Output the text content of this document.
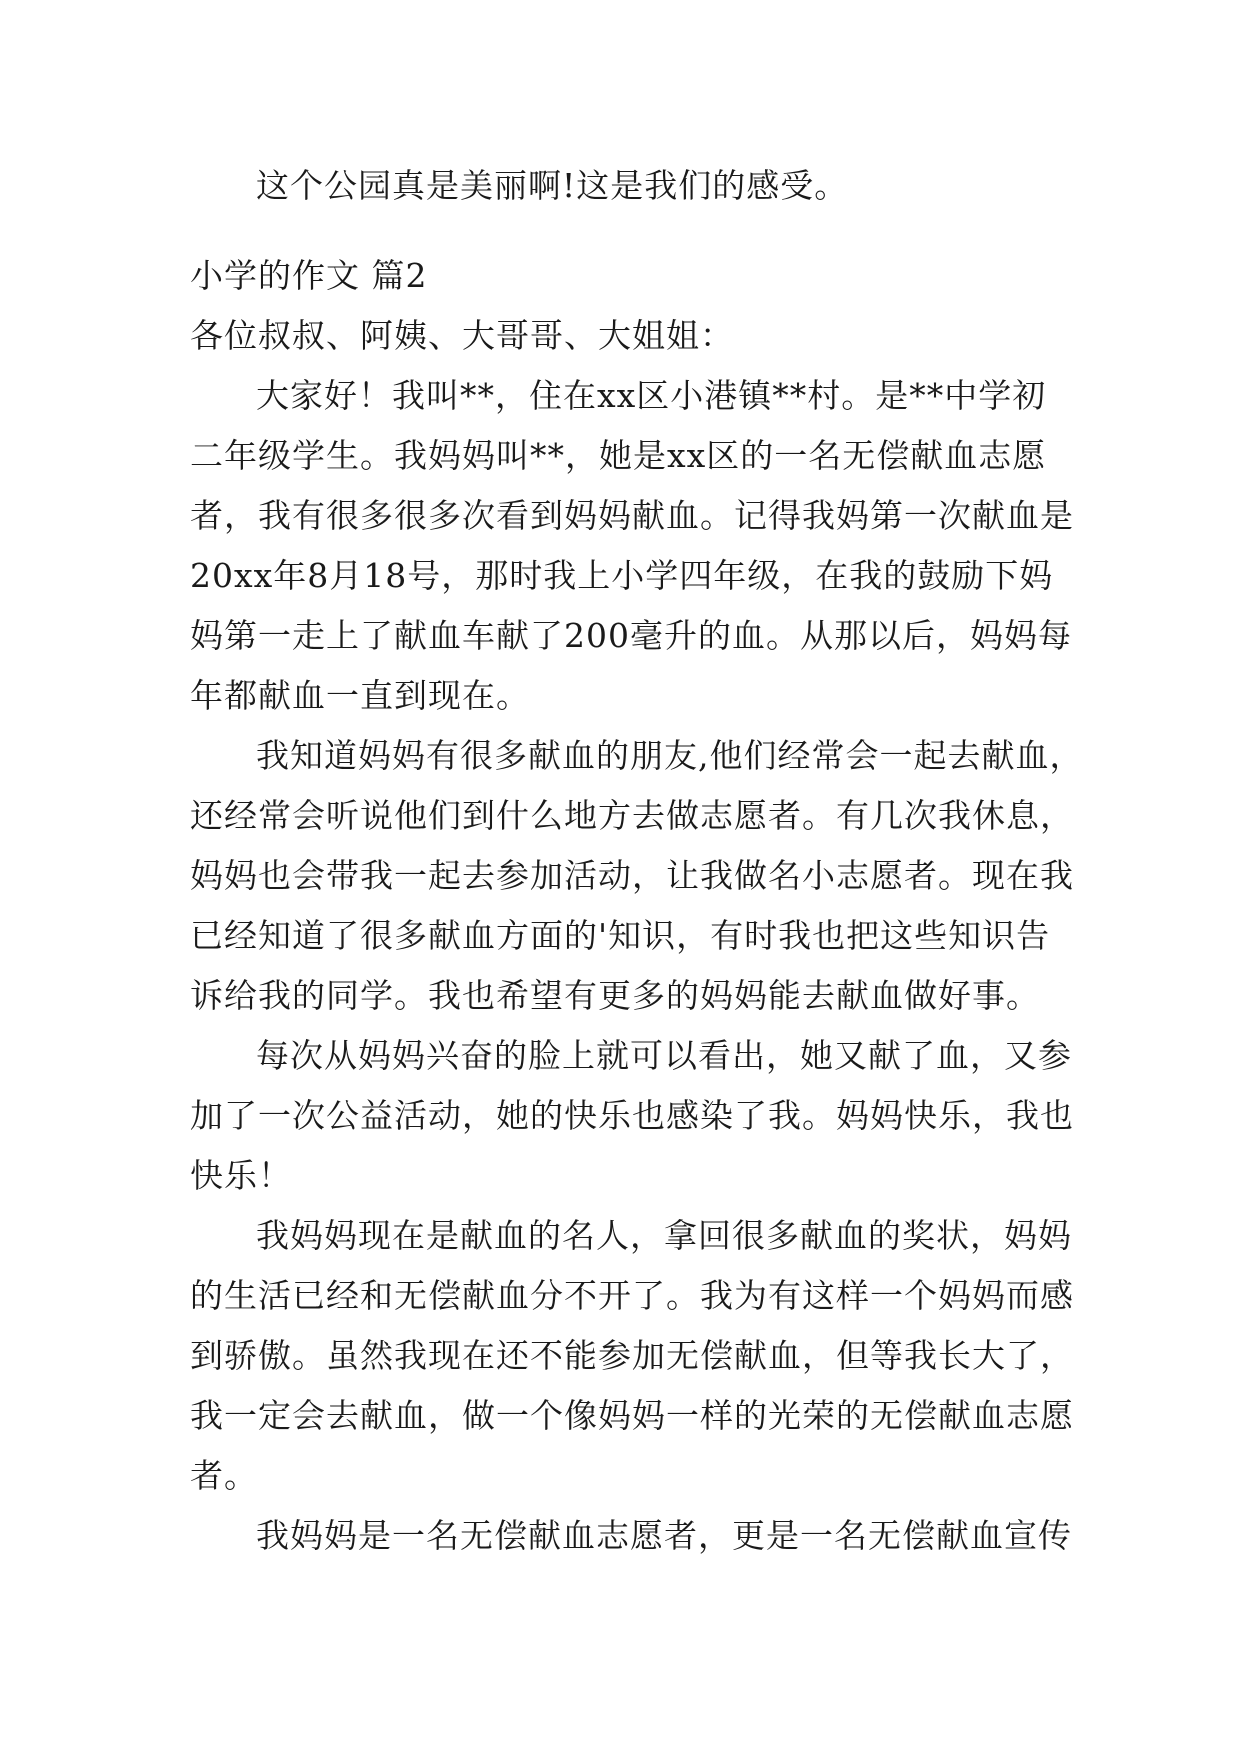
这个公园真是美丽啊!这是我们的感受。
小学的作文 篇2
各位叔叔、阿姨、大哥哥、大姐姐：
大家好！我叫**，住在xx区小港镇**村。是**中学初
二年级学生。我妈妈叫**，她是xx区的一名无偿献血志愿
者，我有很多很多次看到妈妈献血。记得我妈第一次献血是
20xx年8月18号，那时我上小学四年级，在我的鼓励下妈
妈第一走上了献血车献了200毫升的血。从那以后，妈妈每
年都献血一直到现在。
我知道妈妈有很多献血的朋友,他们经常会一起去献血，
还经常会听说他们到什么地方去做志愿者。有几次我休息，
妈妈也会带我一起去参加活动，让我做名小志愿者。现在我
已经知道了很多献血方面的'知识，有时我也把这些知识告
诉给我的同学。我也希望有更多的妈妈能去献血做好事。
每次从妈妈兴奋的脸上就可以看出，她又献了血，又参
加了一次公益活动，她的快乐也感染了我。妈妈快乐，我也
快乐！
我妈妈现在是献血的名人，拿回很多献血的奖状，妈妈
的生活已经和无偿献血分不开了。我为有这样一个妈妈而感
到骄傲。虽然我现在还不能参加无偿献血，但等我长大了，
我一定会去献血，做一个像妈妈一样的光荣的无偿献血志愿
者。
我妈妈是一名无偿献血志愿者，更是一名无偿献血宣传
